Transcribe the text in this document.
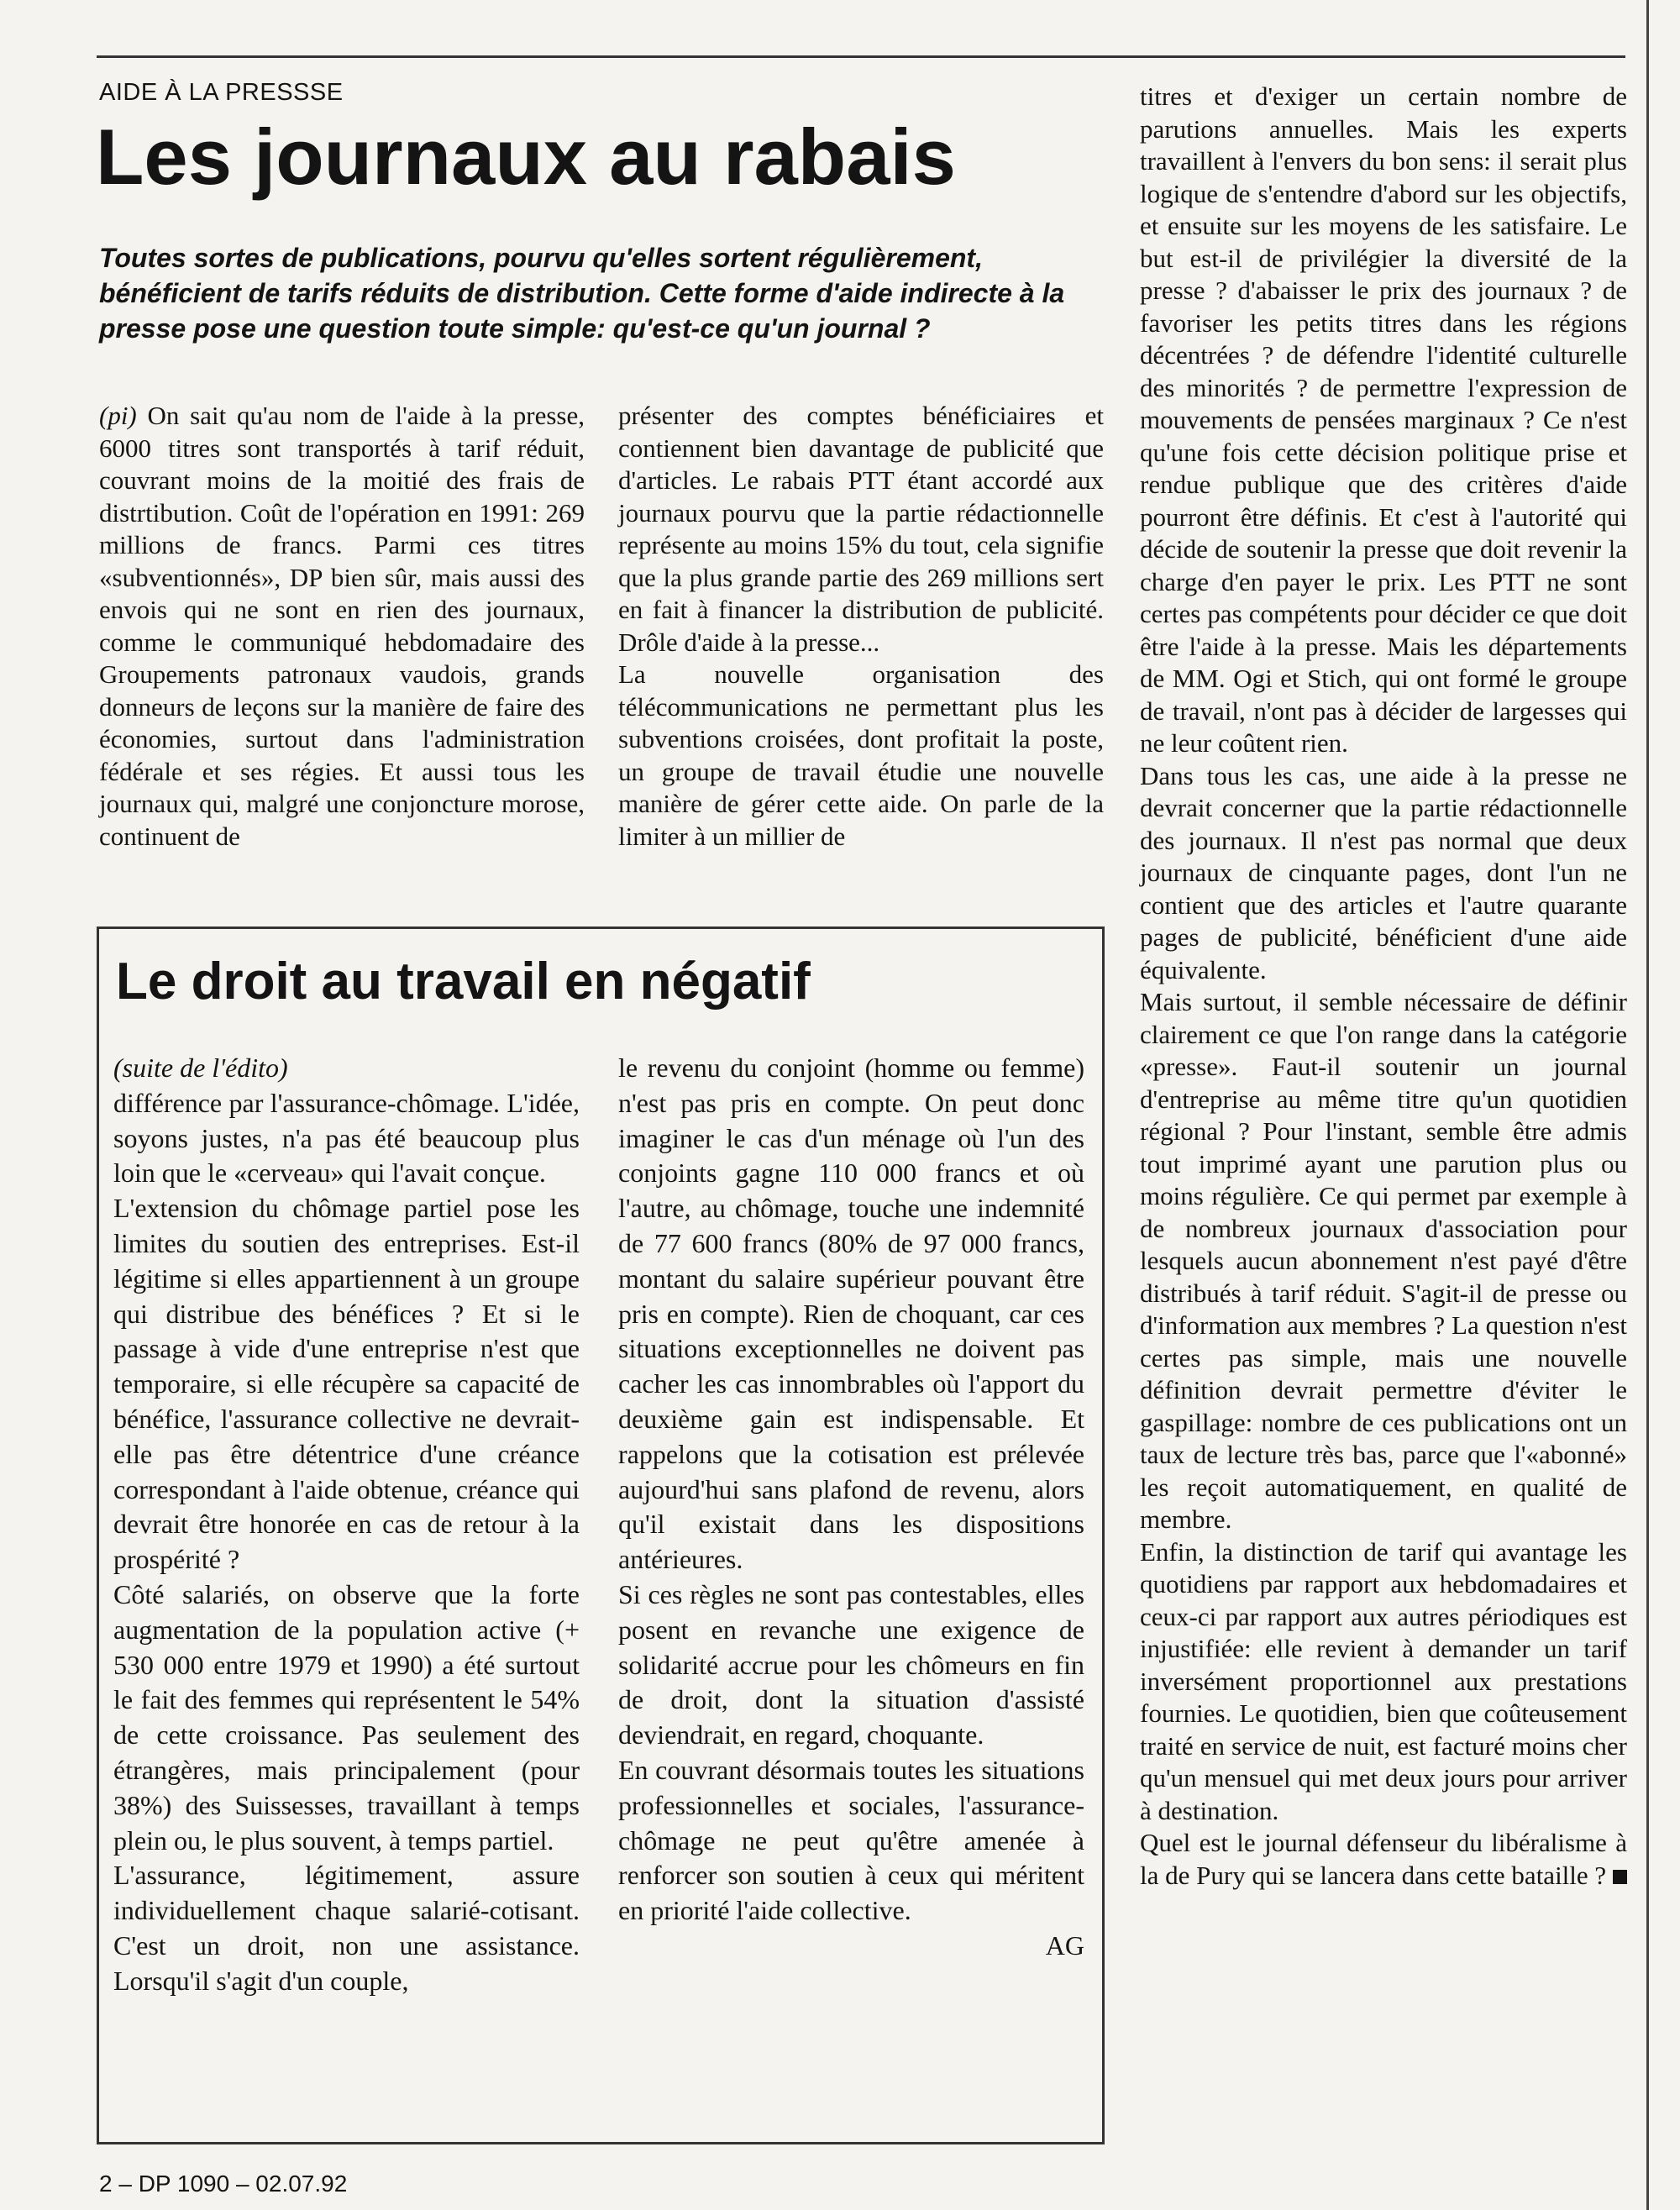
AIDE À LA PRESSSE
Les journaux au rabais

Toutes sortes de publications, pourvu qu'elles sortent régulièrement, bénéficient de tarifs réduits de distribution. Cette forme d'aide indirecte à la presse pose une question toute simple: qu'est-ce qu'un journal ?

(pi) On sait qu'au nom de l'aide à la presse, 6000 titres sont transportés à tarif réduit, couvrant moins de la moitié des frais de distrtibution. Coût de l'opération en 1991: 269 millions de francs. Parmi ces titres «subventionnés», DP bien sûr, mais aussi des envois qui ne sont en rien des journaux, comme le communiqué hebdomadaire des Groupements patronaux vaudois, grands donneurs de leçons sur la manière de faire des économies, surtout dans l'administration fédérale et ses régies. Et aussi tous les journaux qui, malgré une conjoncture morose, continuent de

présenter des comptes bénéficiaires et contiennent bien davantage de publicité que d'articles. Le rabais PTT étant accordé aux journaux pourvu que la partie rédactionnelle représente au moins 15% du tout, cela signifie que la plus grande partie des 269 millions sert en fait à financer la distribution de publicité. Drôle d'aide à la presse...

La nouvelle organisation des télécommunications ne permettant plus les subventions croisées, dont profitait la poste, un groupe de travail étudie une nouvelle manière de gérer cette aide. On parle de la limiter à un millier de

titres et d'exiger un certain nombre de parutions annuelles. Mais les experts travaillent à l'envers du bon sens: il serait plus logique de s'entendre d'abord sur les objectifs, et ensuite sur les moyens de les satisfaire. Le but est-il de privilégier la diversité de la presse ? d'abaisser le prix des journaux ? de favoriser les petits titres dans les régions décentrées ? de défendre l'identité culturelle des minorités ? de permettre l'expression de mouvements de pensées marginaux ? Ce n'est qu'une fois cette décision politique prise et rendue publique que des critères d'aide pourront être définis. Et c'est à l'autorité qui décide de soutenir la presse que doit revenir la charge d'en payer le prix. Les PTT ne sont certes pas compétents pour décider ce que doit être l'aide à la presse. Mais les départements de MM. Ogi et Stich, qui ont formé le groupe de travail, n'ont pas à décider de largesses qui ne leur coûtent rien.

Dans tous les cas, une aide à la presse ne devrait concerner que la partie rédactionnelle des journaux. Il n'est pas normal que deux journaux de cinquante pages, dont l'un ne contient que des articles et l'autre quarante pages de publicité, bénéficient d'une aide équivalente.

Mais surtout, il semble nécessaire de définir clairement ce que l'on range dans la catégorie «presse». Faut-il soutenir un journal d'entreprise au même titre qu'un quotidien régional ? Pour l'instant, semble être admis tout imprimé ayant une parution plus ou moins régulière. Ce qui permet par exemple à de nombreux journaux d'association pour lesquels aucun abonnement n'est payé d'être distribués à tarif réduit. S'agit-il de presse ou d'information aux membres ? La question n'est certes pas simple, mais une nouvelle définition devrait permettre d'éviter le gaspillage: nombre de ces publications ont un taux de lecture très bas, parce que l'«abonné» les reçoit automatiquement, en qualité de membre.

Enfin, la distinction de tarif qui avantage les quotidiens par rapport aux hebdomadaires et ceux-ci par rapport aux autres périodiques est injustifiée: elle revient à demander un tarif inversément proportionnel aux prestations fournies. Le quotidien, bien que coûteusement traité en service de nuit, est facturé moins cher qu'un mensuel qui met deux jours pour arriver à destination.

Quel est le journal défenseur du libéralisme à la de Pury qui se lancera dans cette bataille ?

Le droit au travail en négatif

(suite de l'édito)

différence par l'assurance-chômage. L'idée, soyons justes, n'a pas été beaucoup plus loin que le «cerveau» qui l'avait conçue.

L'extension du chômage partiel pose les limites du soutien des entreprises. Est-il légitime si elles appartiennent à un groupe qui distribue des bénéfices ? Et si le passage à vide d'une entreprise n'est que temporaire, si elle récupère sa capacité de bénéfice, l'assurance collective ne devrait-elle pas être détentrice d'une créance correspondant à l'aide obtenue, créance qui devrait être honorée en cas de retour à la prospérité ?

Côté salariés, on observe que la forte augmentation de la population active (+ 530 000 entre 1979 et 1990) a été surtout le fait des femmes qui représentent le 54% de cette croissance. Pas seulement des étrangères, mais principalement (pour 38%) des Suissesses, travaillant à temps plein ou, le plus souvent, à temps partiel.

L'assurance, légitimement, assure individuellement chaque salarié-cotisant. C'est un droit, non une assistance. Lorsqu'il s'agit d'un couple,

le revenu du conjoint (homme ou femme) n'est pas pris en compte. On peut donc imaginer le cas d'un ménage où l'un des conjoints gagne 110 000 francs et où l'autre, au chômage, touche une indemnité de 77 600 francs (80% de 97 000 francs, montant du salaire supérieur pouvant être pris en compte). Rien de choquant, car ces situations exceptionnelles ne doivent pas cacher les cas innombrables où l'apport du deuxième gain est indispensable. Et rappelons que la cotisation est prélevée aujourd'hui sans plafond de revenu, alors qu'il existait dans les dispositions antérieures.

Si ces règles ne sont pas contestables, elles posent en revanche une exigence de solidarité accrue pour les chômeurs en fin de droit, dont la situation d'assisté deviendrait, en regard, choquante.

En couvrant désormais toutes les situations professionnelles et sociales, l'assurance-chômage ne peut qu'être amenée à renforcer son soutien à ceux qui méritent en priorité l'aide collective.

AG

2 – DP 1090 – 02.07.92
